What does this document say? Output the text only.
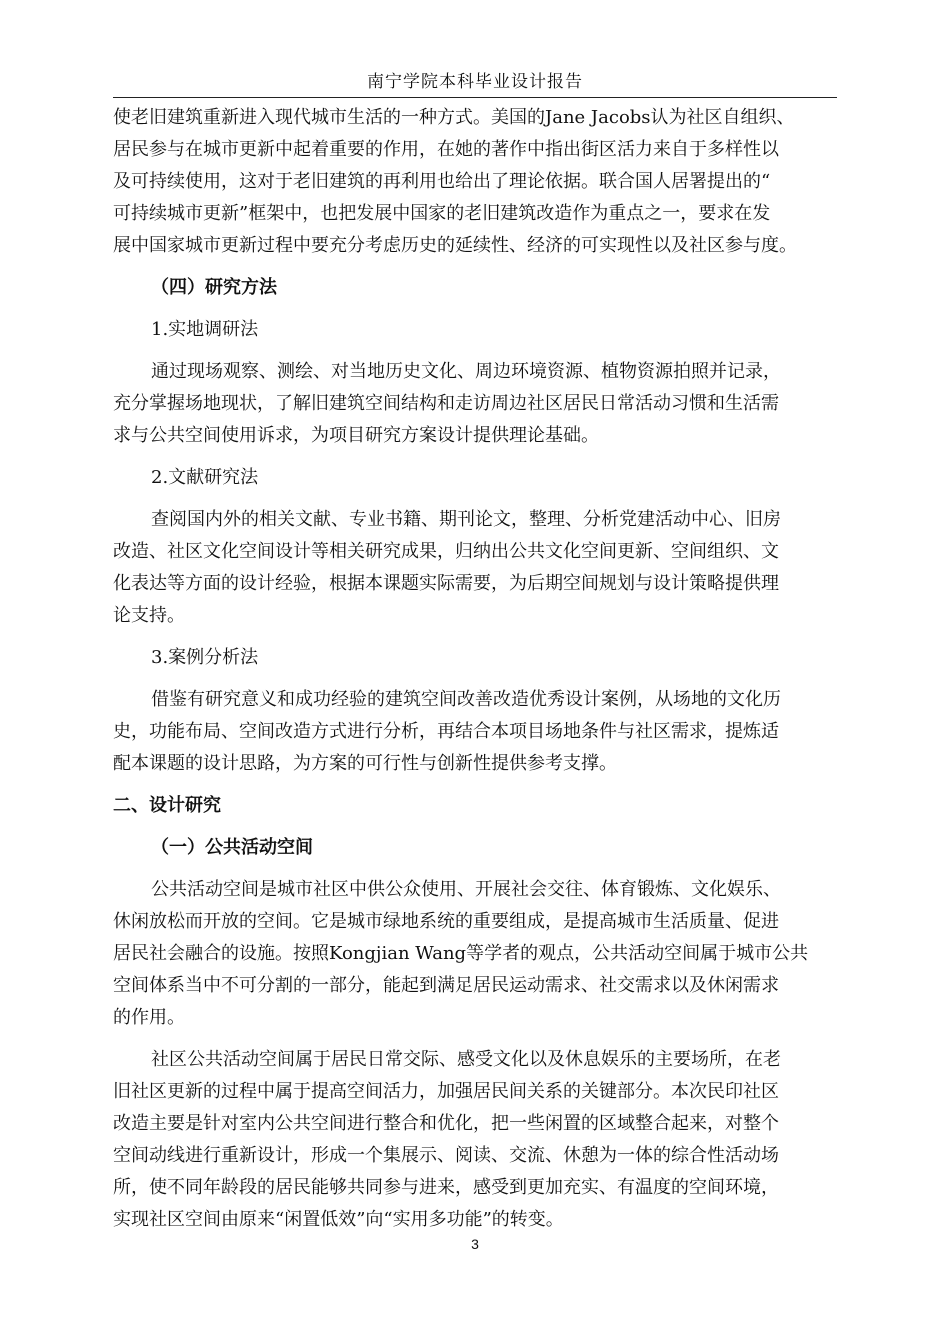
南宁学院本科毕业设计报告
使老旧建筑重新进入现代城市生活的一种方式。美国的Jane Jacobs认为社区自组织、
居民参与在城市更新中起着重要的作用，在她的著作中指出街区活力来自于多样性以
及可持续使用，这对于老旧建筑的再利用也给出了理论依据。联合国人居署提出的“
可持续城市更新”框架中，也把发展中国家的老旧建筑改造作为重点之一，要求在发
展中国家城市更新过程中要充分考虑历史的延续性、经济的可实现性以及社区参与度。
（四）研究方法
1.实地调研法
通过现场观察、测绘、对当地历史文化、周边环境资源、植物资源拍照并记录，
充分掌握场地现状，了解旧建筑空间结构和走访周边社区居民日常活动习惯和生活需
求与公共空间使用诉求，为项目研究方案设计提供理论基础。
2.文献研究法
查阅国内外的相关文献、专业书籍、期刊论文，整理、分析党建活动中心、旧房
改造、社区文化空间设计等相关研究成果，归纳出公共文化空间更新、空间组织、文
化表达等方面的设计经验，根据本课题实际需要，为后期空间规划与设计策略提供理
论支持。
3.案例分析法
借鉴有研究意义和成功经验的建筑空间改善改造优秀设计案例，从场地的文化历
史，功能布局、空间改造方式进行分析，再结合本项目场地条件与社区需求，提炼适
配本课题的设计思路，为方案的可行性与创新性提供参考支撑。
二、设计研究
（一）公共活动空间
公共活动空间是城市社区中供公众使用、开展社会交往、体育锻炼、文化娱乐、
休闲放松而开放的空间。它是城市绿地系统的重要组成，是提高城市生活质量、促进
居民社会融合的设施。按照Kongjian Wang等学者的观点，公共活动空间属于城市公共
空间体系当中不可分割的一部分，能起到满足居民运动需求、社交需求以及休闲需求
的作用。
社区公共活动空间属于居民日常交际、感受文化以及休息娱乐的主要场所，在老
旧社区更新的过程中属于提高空间活力，加强居民间关系的关键部分。本次民印社区
改造主要是针对室内公共空间进行整合和优化，把一些闲置的区域整合起来，对整个
空间动线进行重新设计，形成一个集展示、阅读、交流、休憩为一体的综合性活动场
所，使不同年龄段的居民能够共同参与进来，感受到更加充实、有温度的空间环境，
实现社区空间由原来“闲置低效”向“实用多功能”的转变。
3
